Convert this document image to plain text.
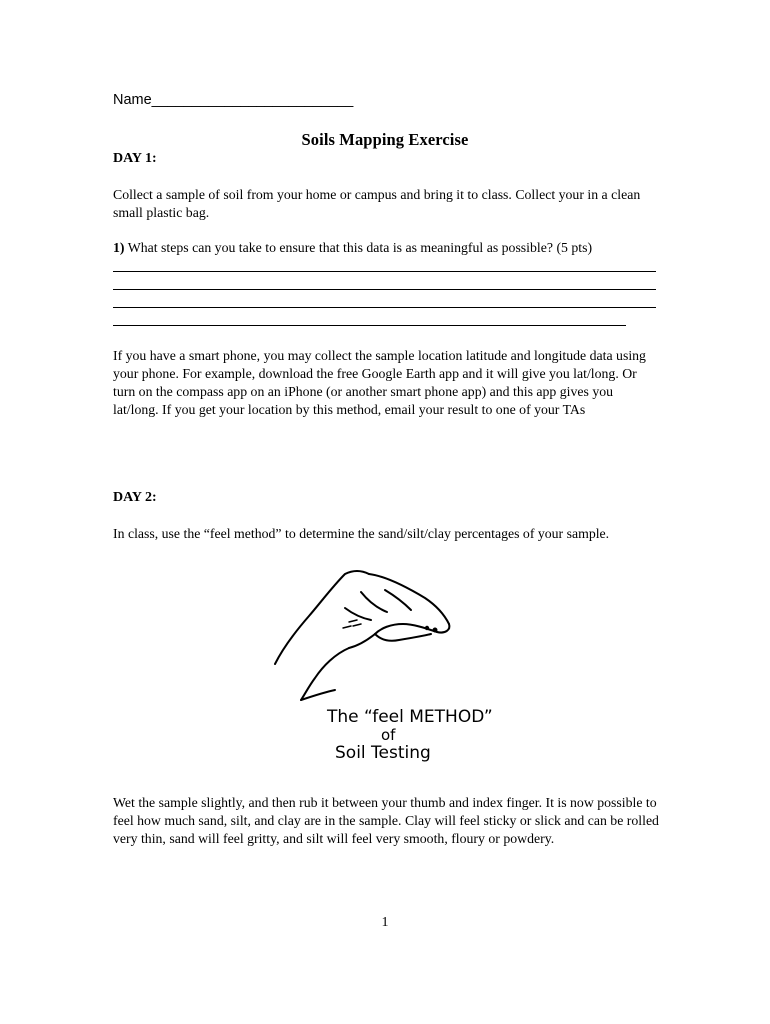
Name_________________________
Soils Mapping Exercise
DAY 1:
Collect a sample of soil from your home or campus and bring it to class. Collect your in a clean small plastic bag.
1) What steps can you take to ensure that this data is as meaningful as possible? (5 pts)
If you have a smart phone, you may collect the sample location latitude and longitude data using your phone. For example, download the free Google Earth app and it will give you lat/long. Or turn on the compass app on an iPhone (or another smart phone app) and this app gives you lat/long. If you get your location by this method, email your result to one of your TAs
DAY 2:
In class, use the “feel method” to determine the sand/silt/clay percentages of your sample.
The “feel METHOD”
of
Soil Testing
Wet the sample slightly, and then rub it between your thumb and index finger. It is now possible to feel how much sand, silt, and clay are in the sample. Clay will feel sticky or slick and can be rolled very thin, sand will feel gritty, and silt will feel very smooth, floury or powdery.
1
